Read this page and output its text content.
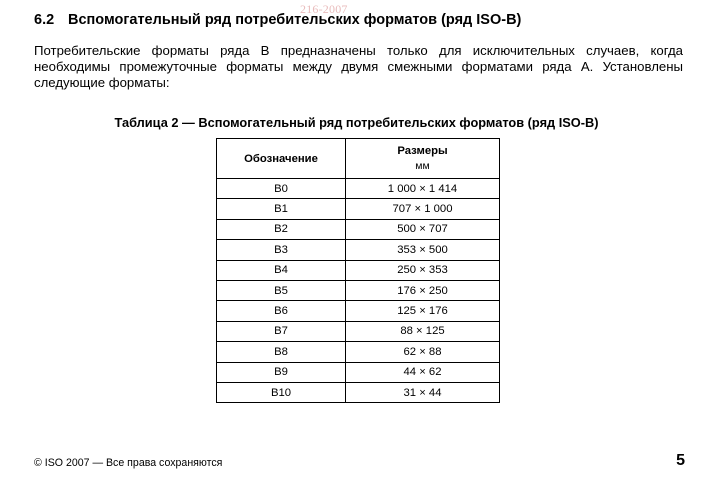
216-2007
6.2 Вспомогательный ряд потребительских форматов (ряд ISO-B)
Потребительские форматы ряда В предназначены только для исключительных случаев, когда необходимы промежуточные форматы между двумя смежными форматами ряда А. Установлены следующие форматы:
Таблица 2 — Вспомогательный ряд потребительских форматов (ряд ISO-B)
Обозначение	Размеры
мм

B0	1 000 × 1 414
B1	707 × 1 000
B2	500 × 707
B3	353 × 500
B4	250 × 353
B5	176 × 250
B6	125 × 176
B7	88 × 125
B8	62 × 88
B9	44 × 62
B10	31 × 44
© ISO 2007 — Все права сохраняются	5
